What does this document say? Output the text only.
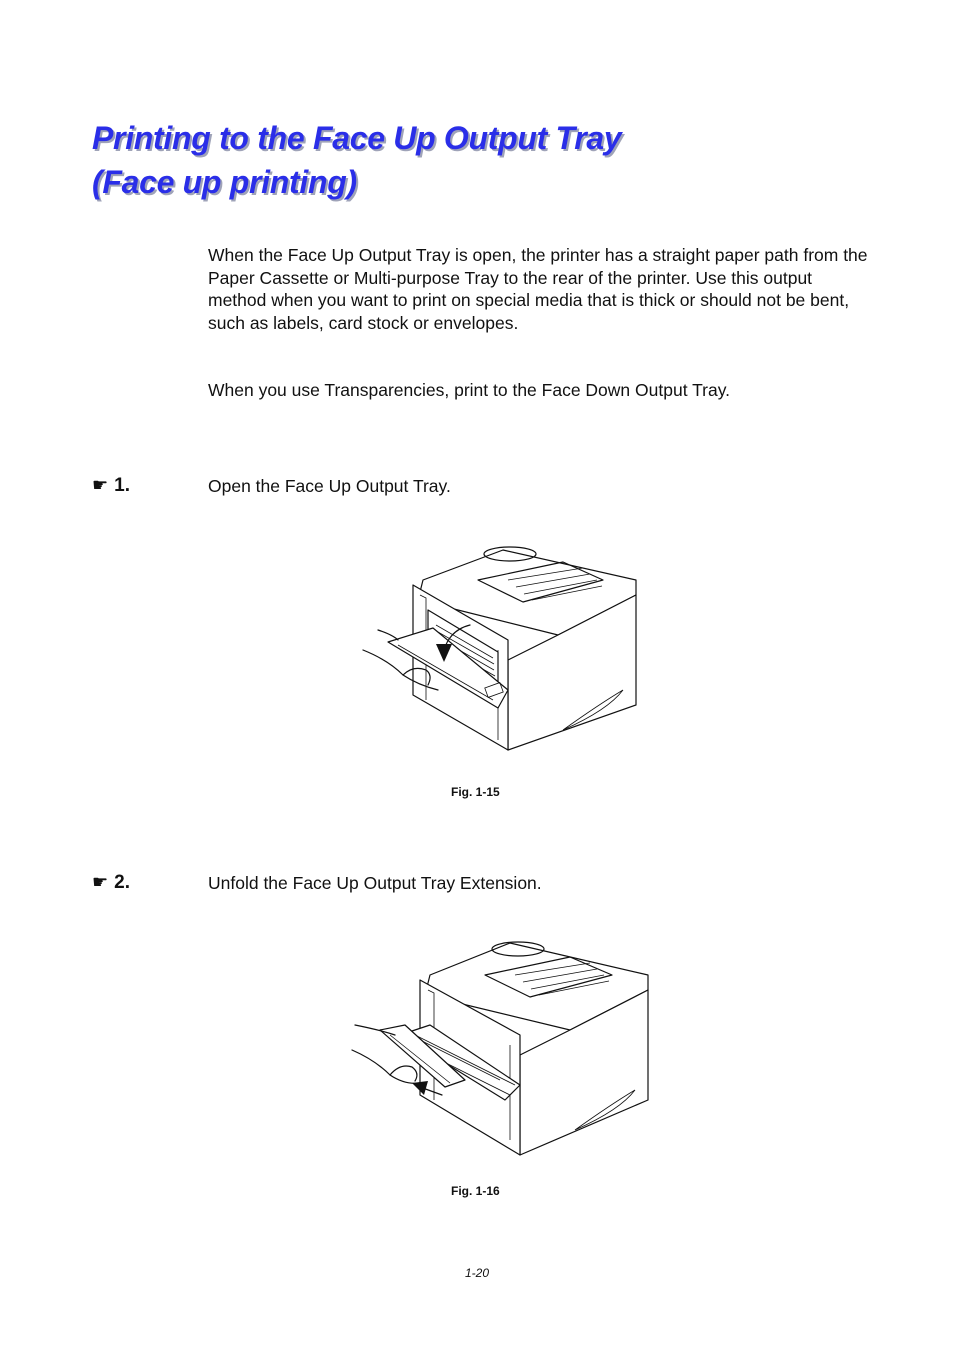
Printing to the Face Up Output Tray
(Face up printing)
When the Face Up Output Tray is open, the printer has a straight paper path from the Paper Cassette or Multi-purpose Tray to the rear of the printer. Use this output method when you want to print on special media that is thick or should not be bent, such as labels, card stock or envelopes.
When you use Transparencies, print to the Face Down Output Tray.
☛ 1.	Open the Face Up Output Tray.
Fig. 1-15
☛ 2.	Unfold the Face Up Output Tray Extension.
Fig. 1-16
1-20
